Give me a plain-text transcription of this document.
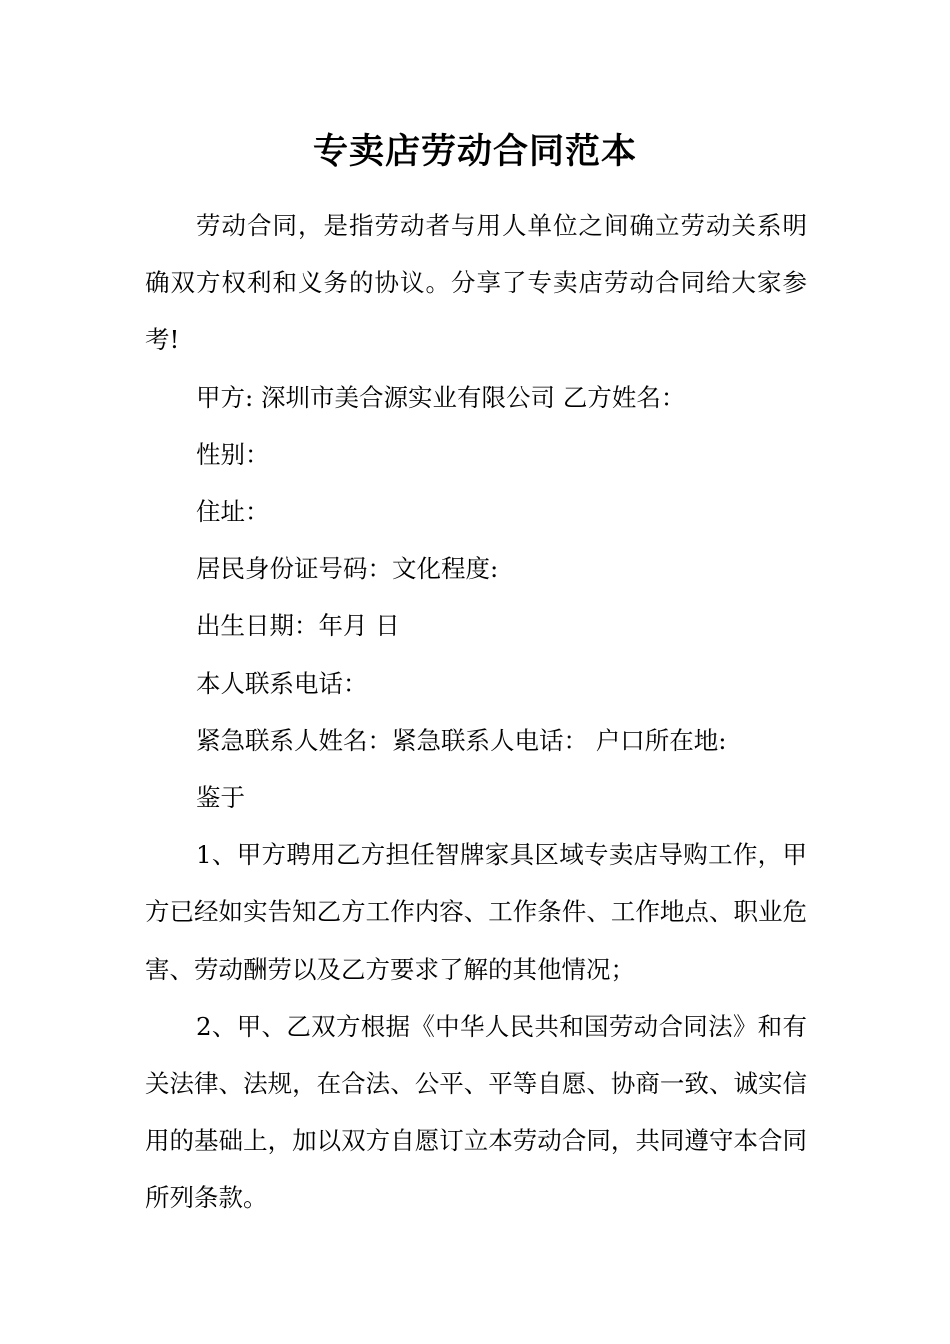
专卖店劳动合同范本

劳动合同，是指劳动者与用人单位之间确立劳动关系明确双方权利和义务的协议。分享了专卖店劳动合同给大家参考!

甲方: 深圳市美合源实业有限公司 乙方姓名：

性别：

住址：

居民身份证号码：文化程度:

出生日期：年月 日

本人联系电话：

紧急联系人姓名：紧急联系人电话： 户口所在地:

鉴于

1、甲方聘用乙方担任智牌家具区域专卖店导购工作，甲方已经如实告知乙方工作内容、工作条件、工作地点、职业危害、劳动酬劳以及乙方要求了解的其他情况；

2、甲、乙双方根据《中华人民共和国劳动合同法》和有关法律、法规，在合法、公平、平等自愿、协商一致、诚实信用的基础上，加以双方自愿订立本劳动合同，共同遵守本合同所列条款。
